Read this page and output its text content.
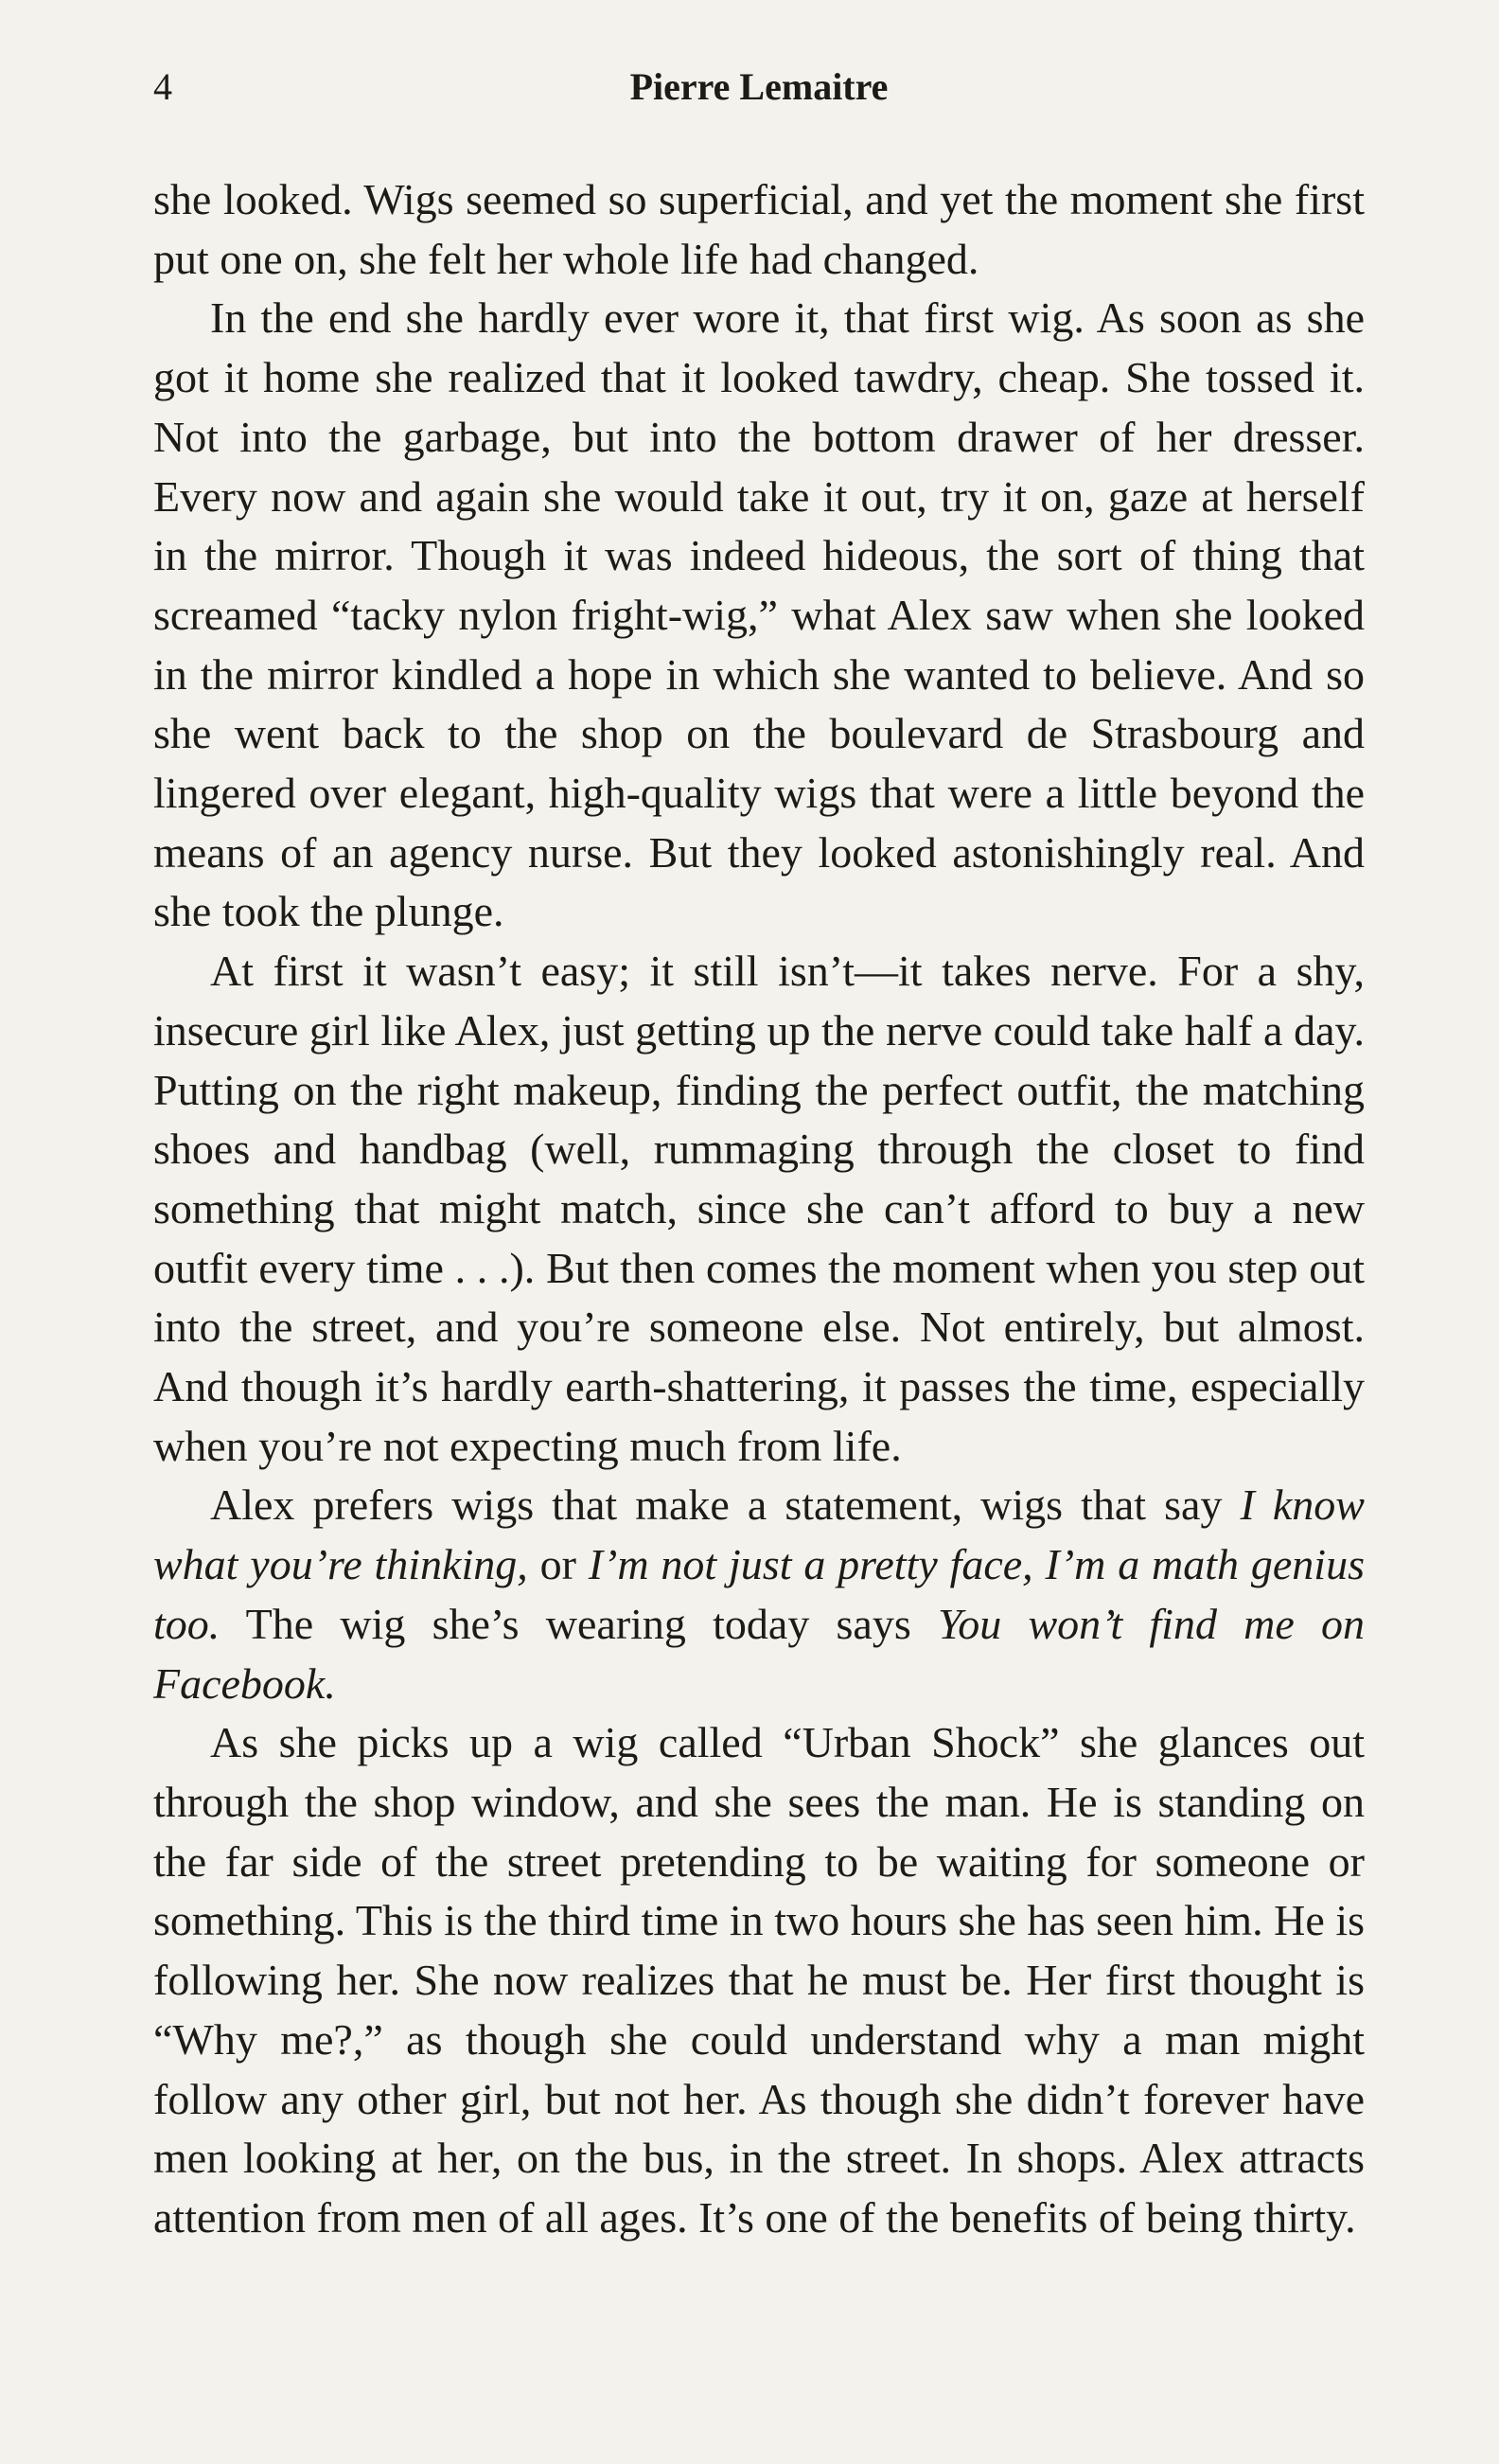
4	Pierre Lemaitre

she looked. Wigs seemed so superficial, and yet the moment she first put one on, she felt her whole life had changed.

In the end she hardly ever wore it, that first wig. As soon as she got it home she realized that it looked tawdry, cheap. She tossed it. Not into the garbage, but into the bottom drawer of her dresser. Every now and again she would take it out, try it on, gaze at herself in the mirror. Though it was indeed hideous, the sort of thing that screamed “tacky nylon fright-wig,” what Alex saw when she looked in the mirror kindled a hope in which she wanted to believe. And so she went back to the shop on the boulevard de Strasbourg and lingered over elegant, high-quality wigs that were a little beyond the means of an agency nurse. But they looked astonishingly real. And she took the plunge.

At first it wasn’t easy; it still isn’t—it takes nerve. For a shy, insecure girl like Alex, just getting up the nerve could take half a day. Putting on the right makeup, finding the perfect outfit, the matching shoes and handbag (well, rummaging through the closet to find something that might match, since she can’t afford to buy a new outfit every time . . .). But then comes the moment when you step out into the street, and you’re someone else. Not entirely, but almost. And though it’s hardly earth-shattering, it passes the time, especially when you’re not expecting much from life.

Alex prefers wigs that make a statement, wigs that say I know what you’re thinking, or I’m not just a pretty face, I’m a math genius too. The wig she’s wearing today says You won’t find me on Facebook.

As she picks up a wig called “Urban Shock” she glances out through the shop window, and she sees the man. He is standing on the far side of the street pretending to be waiting for someone or something. This is the third time in two hours she has seen him. He is following her. She now realizes that he must be. Her first thought is “Why me?,” as though she could understand why a man might follow any other girl, but not her. As though she didn’t forever have men looking at her, on the bus, in the street. In shops. Alex attracts attention from men of all ages. It’s one of the benefits of being thirty.
